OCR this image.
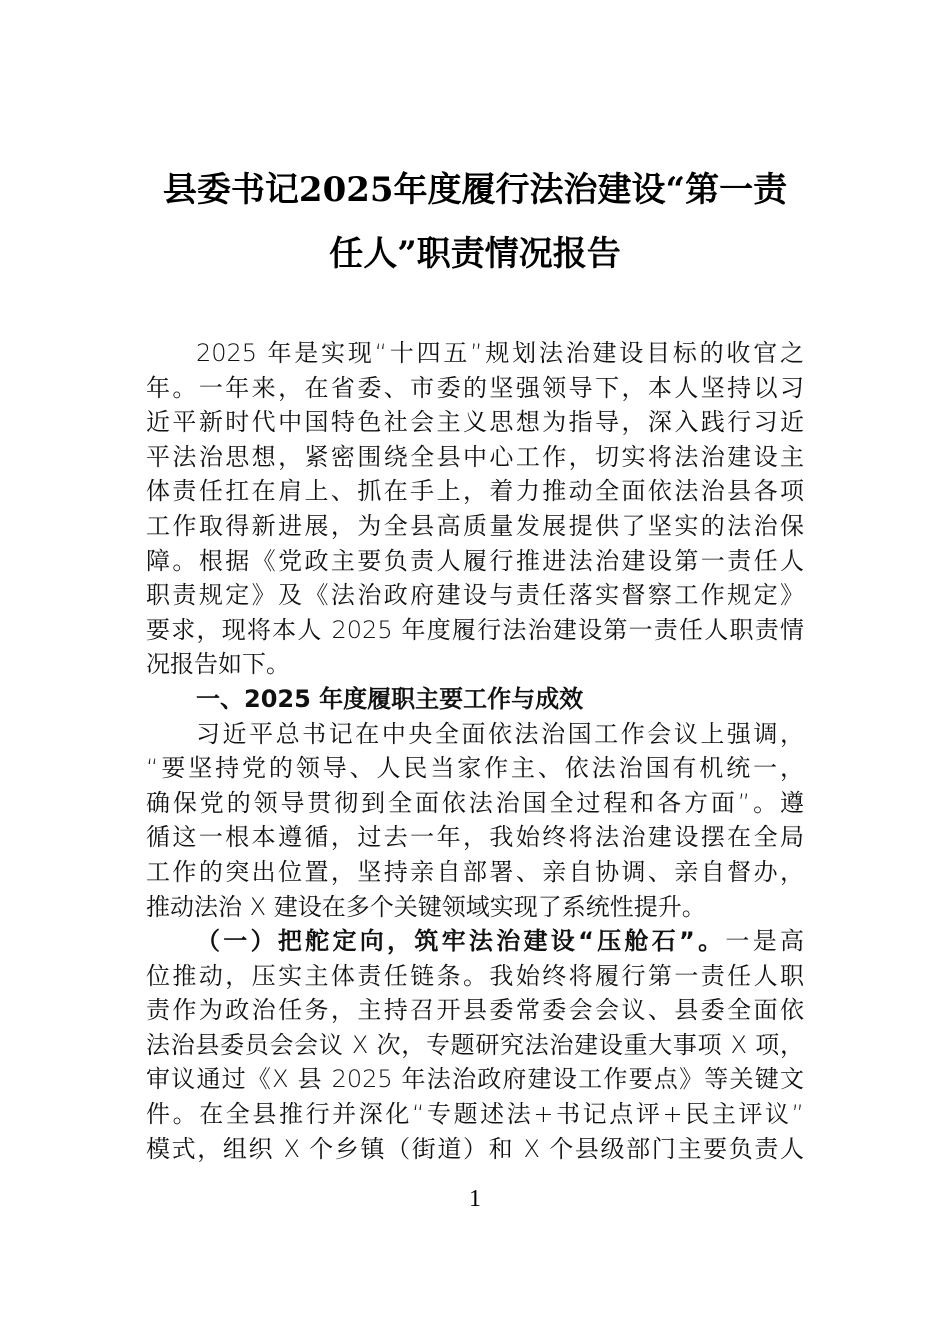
县委书记2025年度履行法治建设“第一责
任人”职责情况报告
2025 年是实现“十四五”规划法治建设目标的收官之
年。一年来，在省委、市委的坚强领导下，本人坚持以习
近平新时代中国特色社会主义思想为指导，深入践行习近
平法治思想，紧密围绕全县中心工作，切实将法治建设主
体责任扛在肩上、抓在手上，着力推动全面依法治县各项
工作取得新进展，为全县高质量发展提供了坚实的法治保
障。根据《党政主要负责人履行推进法治建设第一责任人
职责规定》及《法治政府建设与责任落实督察工作规定》
要求，现将本人 2025 年度履行法治建设第一责任人职责情
况报告如下。
一、2025 年度履职主要工作与成效
习近平总书记在中央全面依法治国工作会议上强调，
“要坚持党的领导、人民当家作主、依法治国有机统一，
确保党的领导贯彻到全面依法治国全过程和各方面”。遵
循这一根本遵循，过去一年，我始终将法治建设摆在全局
工作的突出位置，坚持亲自部署、亲自协调、亲自督办，
推动法治 X 建设在多个关键领域实现了系统性提升。
（一）把舵定向，筑牢法治建设“压舱石”。一是高
位推动，压实主体责任链条。我始终将履行第一责任人职
责作为政治任务，主持召开县委常委会会议、县委全面依
法治县委员会会议 X 次，专题研究法治建设重大事项 X 项，
审议通过《X 县 2025 年法治政府建设工作要点》等关键文
件。在全县推行并深化“专题述法+书记点评+民主评议”
模式，组织 X 个乡镇（街道）和 X 个县级部门主要负责人
1
